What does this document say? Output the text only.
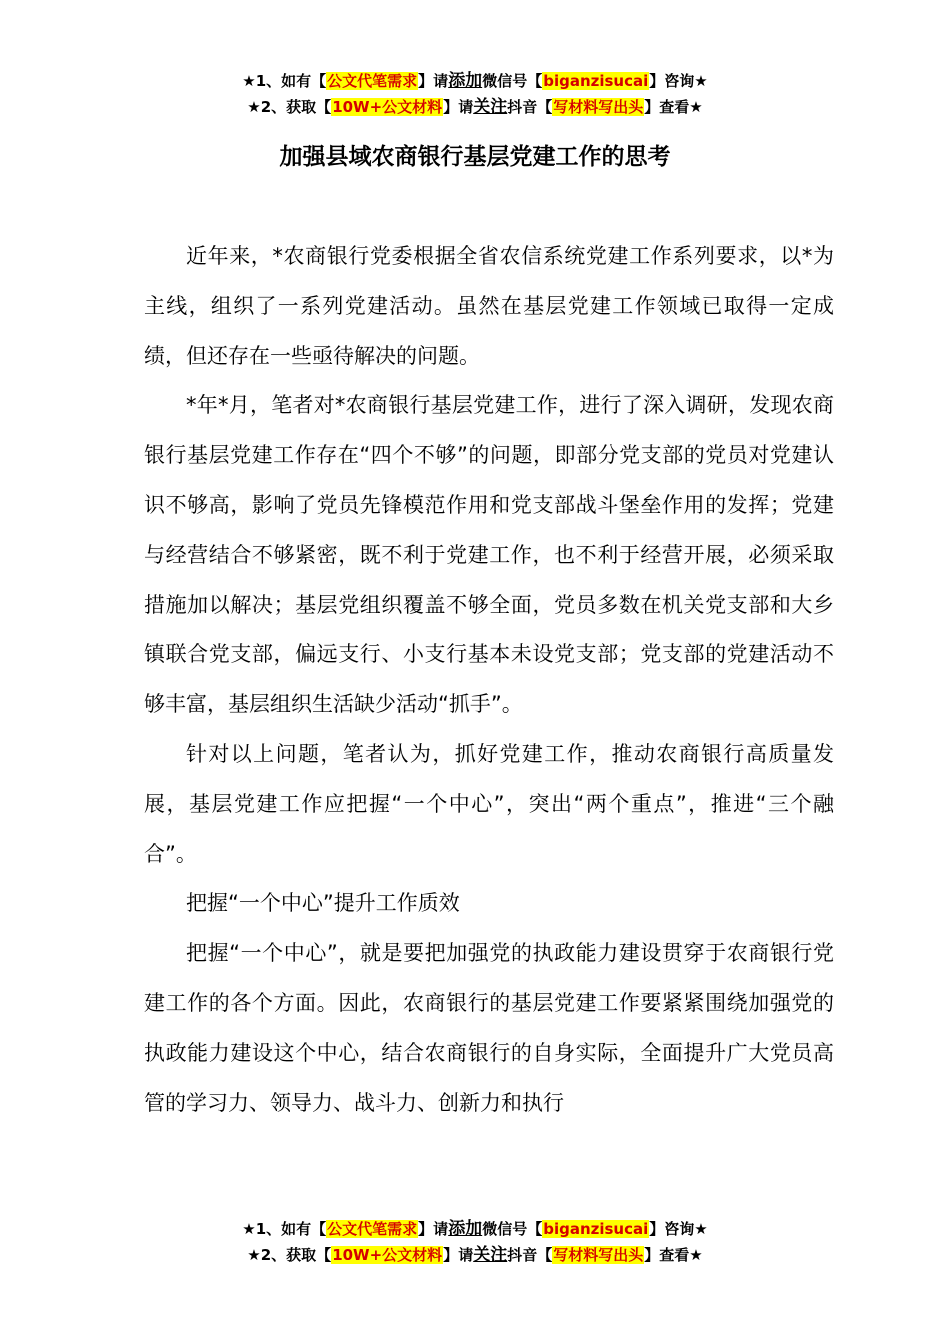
★1、如有【公文代笔需求】请添加微信号【biganzisucai】咨询★
★2、获取【10W+公文材料】请关注抖音【写材料写出头】查看★
加强县域农商银行基层党建工作的思考

近年来，*农商银行党委根据全省农信系统党建工作系列要求，以*为主线，组织了一系列党建活动。虽然在基层党建工作领域已取得一定成绩，但还存在一些亟待解决的问题。

*年*月，笔者对*农商银行基层党建工作，进行了深入调研，发现农商银行基层党建工作存在“四个不够”的问题，即部分党支部的党员对党建认识不够高，影响了党员先锋模范作用和党支部战斗堡垒作用的发挥；党建与经营结合不够紧密，既不利于党建工作，也不利于经营开展，必须采取措施加以解决；基层党组织覆盖不够全面，党员多数在机关党支部和大乡镇联合党支部，偏远支行、小支行基本未设党支部；党支部的党建活动不够丰富，基层组织生活缺少活动“抓手”。

针对以上问题，笔者认为，抓好党建工作，推动农商银行高质量发展，基层党建工作应把握“一个中心”，突出“两个重点”，推进“三个融合”。

把握“一个中心”提升工作质效

把握“一个中心”，就是要把加强党的执政能力建设贯穿于农商银行党建工作的各个方面。因此，农商银行的基层党建工作要紧紧围绕加强党的执政能力建设这个中心，结合农商银行的自身实际，全面提升广大党员高管的学习力、领导力、战斗力、创新力和执行

★1、如有【公文代笔需求】请添加微信号【biganzisucai】咨询★
★2、获取【10W+公文材料】请关注抖音【写材料写出头】查看★
